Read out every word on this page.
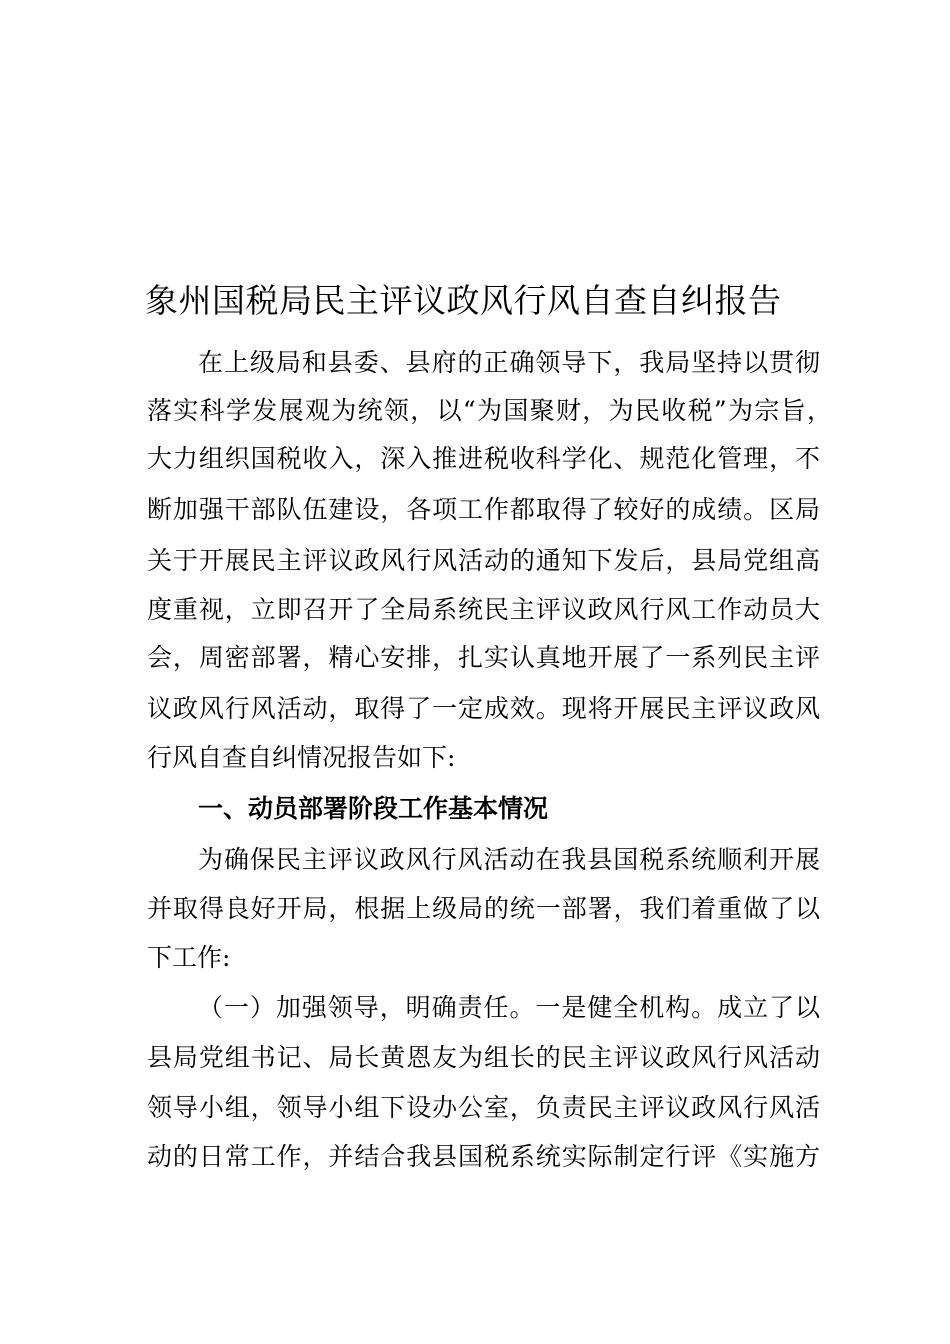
象州国税局民主评议政风行风自查自纠报告
在上级局和县委、县府的正确领导下，我局坚持以贯彻
落实科学发展观为统领，以“为国聚财，为民收税”为宗旨，
大力组织国税收入，深入推进税收科学化、规范化管理，不
断加强干部队伍建设，各项工作都取得了较好的成绩。区局
关于开展民主评议政风行风活动的通知下发后，县局党组高
度重视，立即召开了全局系统民主评议政风行风工作动员大
会，周密部署，精心安排，扎实认真地开展了一系列民主评
议政风行风活动，取得了一定成效。现将开展民主评议政风
行风自查自纠情况报告如下:
一、动员部署阶段工作基本情况
为确保民主评议政风行风活动在我县国税系统顺利开展
并取得良好开局，根据上级局的统一部署，我们着重做了以
下工作:
（一）加强领导，明确责任。一是健全机构。成立了以
县局党组书记、局长黄恩友为组长的民主评议政风行风活动
领导小组，领导小组下设办公室，负责民主评议政风行风活
动的日常工作，并结合我县国税系统实际制定行评《实施方
